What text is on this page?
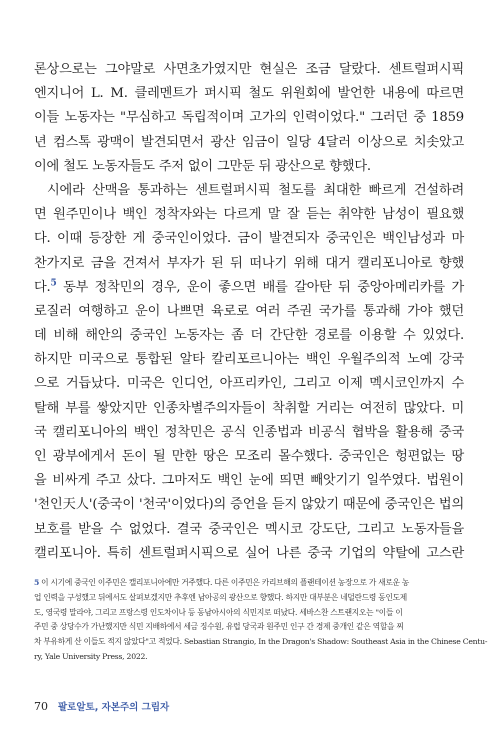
론상으로는 그야말로 사면초가였지만 현실은 조금 달랐다. 센트럴퍼시픽
엔지니어 L. M. 클레멘트가 퍼시픽 철도 위원회에 발언한 내용에 따르면
이들 노동자는 "무심하고 독립적이며 고가의 인력이었다." 그러던 중 1859
년 컴스톡 광맥이 발견되면서 광산 임금이 일당 4달러 이상으로 치솟았고
이에 철도 노동자들도 주저 없이 그만둔 뒤 광산으로 향했다.
시에라 산맥을 통과하는 센트럴퍼시픽 철도를 최대한 빠르게 건설하려
면 원주민이나 백인 정착자와는 다르게 말 잘 듣는 취약한 남성이 필요했
다. 이때 등장한 게 중국인이었다. 금이 발견되자 중국인은 백인남성과 마
찬가지로 금을 건져서 부자가 된 뒤 떠나기 위해 대거 캘리포니아로 향했
다.$^5$ 동부 정착민의 경우, 운이 좋으면 배를 갈아탄 뒤 중앙아메리카를 가
로질러 여행하고 운이 나쁘면 육로로 여러 주권 국가를 통과해 가야 했던
데 비해 해안의 중국인 노동자는 좀 더 간단한 경로를 이용할 수 있었다.
하지만 미국으로 통합된 알타 칼리포르니아는 백인 우월주의적 노예 강국
으로 거듭났다. 미국은 인디언, 아프리카인, 그리고 이제 멕시코인까지 수
탈해 부를 쌓았지만 인종차별주의자들이 착취할 거리는 여전히 많았다. 미
국 캘리포니아의 백인 정착민은 공식 인종법과 비공식 협박을 활용해 중국
인 광부에게서 돈이 될 만한 땅은 모조리 몰수했다. 중국인은 헝편없는 땅
을 비싸게 주고 샀다. 그마저도 백인 눈에 띄면 빼앗기기 일쑤였다. 법원이
'천인天人'(중국이 '천국'이었다)의 증언을 듣지 않았기 때문에 중국인은 법의
보호를 받을 수 없었다. 결국 중국인은 멕시코 강도단, 그리고 노동자들을
캘리포니아. 특히 센트럴퍼시픽으로 실어 나른 중국 기업의 약탈에 고스란
5 이 시기에 중국인 이주민은 캘리포니아에만 거주했다. 다른 이주민은 카리브해의 플랜테이션 농장으로 가 새로운 농
업 인력을 구성했고 뒤에서도 살펴보겠지만 추후엔 남아공의 광산으로 향했다. 하지만 대부분은 네덜란드령 동인도제
도, 영국령 말라야, 그리고 프랑스령 인도차이나 등 동남아시아의 식민지로 떠났다. 세바스찬 스트랜지오는 "이들 이
주민 중 상당수가 가난했지만 식민 지배하에서 세금 징수원, 유럽 당국과 원주민 인구 간 경제 중개인 같은 역할을 찌
차 부유하게 산 이들도 적지 않았다"고 적었다. Sebastian Strangio, In the Dragon's Shadow: Southeast Asia in the Chinese Centu-
ry, Yale University Press, 2022.
70 팔로알토, 자본주의 그림자
